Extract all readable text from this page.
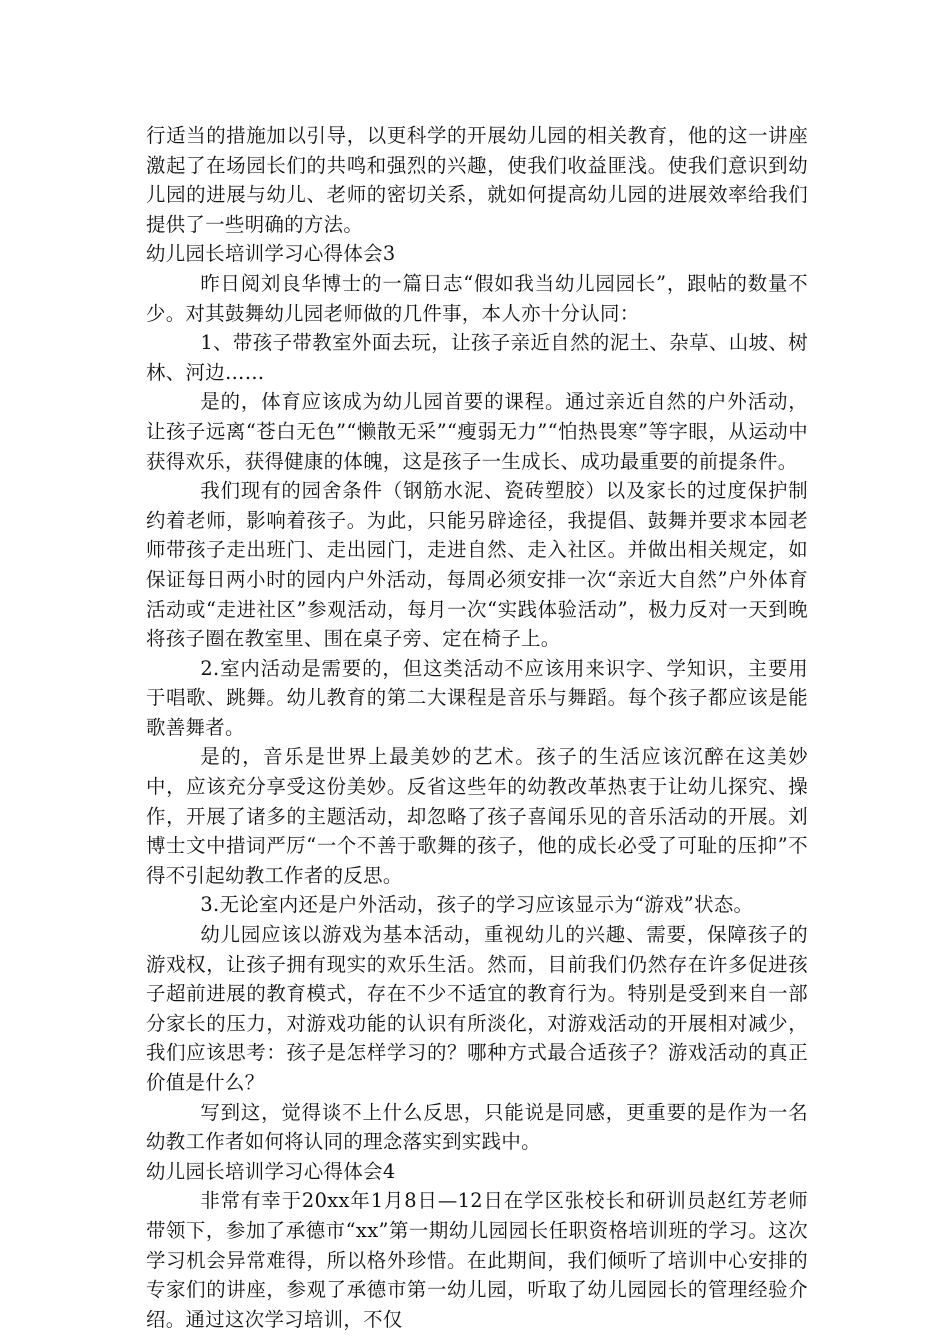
行适当的措施加以引导，以更科学的开展幼儿园的相关教育，他的这一讲座激起了在场园长们的共鸣和强烈的兴趣，使我们收益匪浅。使我们意识到幼儿园的进展与幼儿、老师的密切关系，就如何提高幼儿园的进展效率给我们提供了一些明确的方法。

幼儿园长培训学习心得体会3

昨日阅刘良华博士的一篇日志“假如我当幼儿园园长”，跟帖的数量不少。对其鼓舞幼儿园老师做的几件事，本人亦十分认同：

1、带孩子带教室外面去玩，让孩子亲近自然的泥土、杂草、山坡、树林、河边……

是的，体育应该成为幼儿园首要的课程。通过亲近自然的户外活动，让孩子远离“苍白无色”“懒散无采”“瘦弱无力”“怕热畏寒”等字眼，从运动中获得欢乐，获得健康的体魄，这是孩子一生成长、成功最重要的前提条件。

我们现有的园舍条件（钢筋水泥、瓷砖塑胶）以及家长的过度保护制约着老师，影响着孩子。为此，只能另辟途径，我提倡、鼓舞并要求本园老师带孩子走出班门、走出园门，走进自然、走入社区。并做出相关规定，如保证每日两小时的园内户外活动，每周必须安排一次“亲近大自然”户外体育活动或“走进社区”参观活动，每月一次“实践体验活动”，极力反对一天到晚将孩子圈在教室里、围在桌子旁、定在椅子上。

2.室内活动是需要的，但这类活动不应该用来识字、学知识，主要用于唱歌、跳舞。幼儿教育的第二大课程是音乐与舞蹈。每个孩子都应该是能歌善舞者。

是的，音乐是世界上最美妙的艺术。孩子的生活应该沉醉在这美妙中，应该充分享受这份美妙。反省这些年的幼教改革热衷于让幼儿探究、操作，开展了诸多的主题活动，却忽略了孩子喜闻乐见的音乐活动的开展。刘博士文中措词严厉“一个不善于歌舞的孩子，他的成长必受了可耻的压抑”不得不引起幼教工作者的反思。

3.无论室内还是户外活动，孩子的学习应该显示为“游戏”状态。

幼儿园应该以游戏为基本活动，重视幼儿的兴趣、需要，保障孩子的游戏权，让孩子拥有现实的欢乐生活。然而，目前我们仍然存在许多促进孩子超前进展的教育模式，存在不少不适宜的教育行为。特别是受到来自一部分家长的压力，对游戏功能的认识有所淡化，对游戏活动的开展相对减少，我们应该思考：孩子是怎样学习的？哪种方式最合适孩子？游戏活动的真正价值是什么？

写到这，觉得谈不上什么反思，只能说是同感，更重要的是作为一名幼教工作者如何将认同的理念落实到实践中。

幼儿园长培训学习心得体会4

非常有幸于20xx年1月8日—12日在学区张校长和研训员赵红芳老师带领下，参加了承德市“xx”第一期幼儿园园长任职资格培训班的学习。这次学习机会异常难得，所以格外珍惜。在此期间，我们倾听了培训中心安排的专家们的讲座，参观了承德市第一幼儿园，听取了幼儿园园长的管理经验介绍。通过这次学习培训，不仅
